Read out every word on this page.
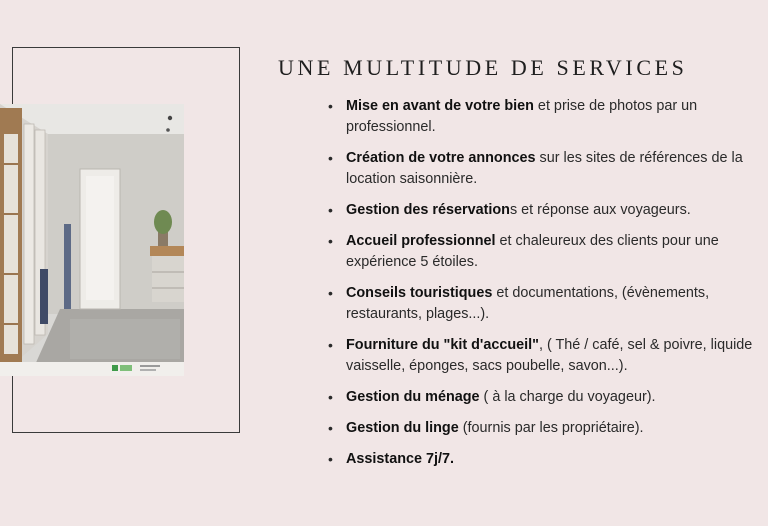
UNE MULTITUDE DE SERVICES
• Mise en avant de votre bien et prise de photos par un professionnel.
• Création de votre annonces sur les sites de références de la location saisonnière.
• Gestion des réservations et réponse aux voyageurs.
• Accueil professionnel et chaleureux des clients pour une expérience 5 étoiles.
• Conseils touristiques et documentations, (évènements, restaurants, plages...).
• Fourniture du "kit d'accueil", ( Thé / café, sel & poivre, liquide vaisselle, éponges, sacs poubelle, savon...).
• Gestion du ménage ( à la charge du voyageur).
• Gestion du linge (fournis par les propriétaire).
• Assistance 7j/7.
